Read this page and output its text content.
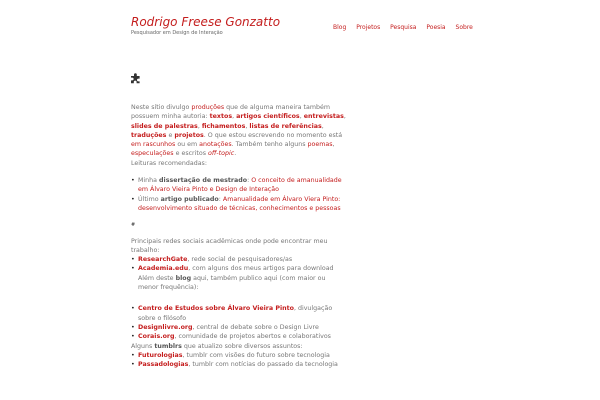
Rodrigo Freese Gonzatto
Pesquisador em Design de Interação
Blog Projetos Pesquisa Poesia Sobre

Neste sítio divulgo produções que de alguma maneira também possuem minha autoria: textos, artigos científicos, entrevistas, slides de palestras, fichamentos, listas de referências, traduções e projetos. O que estou escrevendo no momento está em rascunhos ou em anotações. Também tenho alguns poemas, especulações e escritos off-topic.

Leituras recomendadas:

• Minha dissertação de mestrado: O conceito de amanualidade em Álvaro Vieira Pinto e Design de Interação
• Último artigo publicado: Amanualidade em Álvaro Viera Pinto: desenvolvimento situado de técnicas, conhecimentos e pessoas
#

Principais redes sociais acadêmicas onde pode encontrar meu trabalho:

• ResearchGate, rede social de pesquisadores/as
• Academia.edu, com alguns dos meus artigos para download

Além deste blog aqui, também publico aqui (com maior ou menor frequência):

• Centro de Estudos sobre Álvaro Vieira Pinto, divulgação sobre o filósofo
• Designlivre.org, central de debate sobre o Design Livre
• Corais.org, comunidade de projetos abertos e colaborativos

Alguns tumblrs que atualizo sobre diversos assuntos:

• Futurologias, tumblr com visões do futuro sobre tecnologia
• Passadologias, tumblr com notícias do passado da tecnologia
